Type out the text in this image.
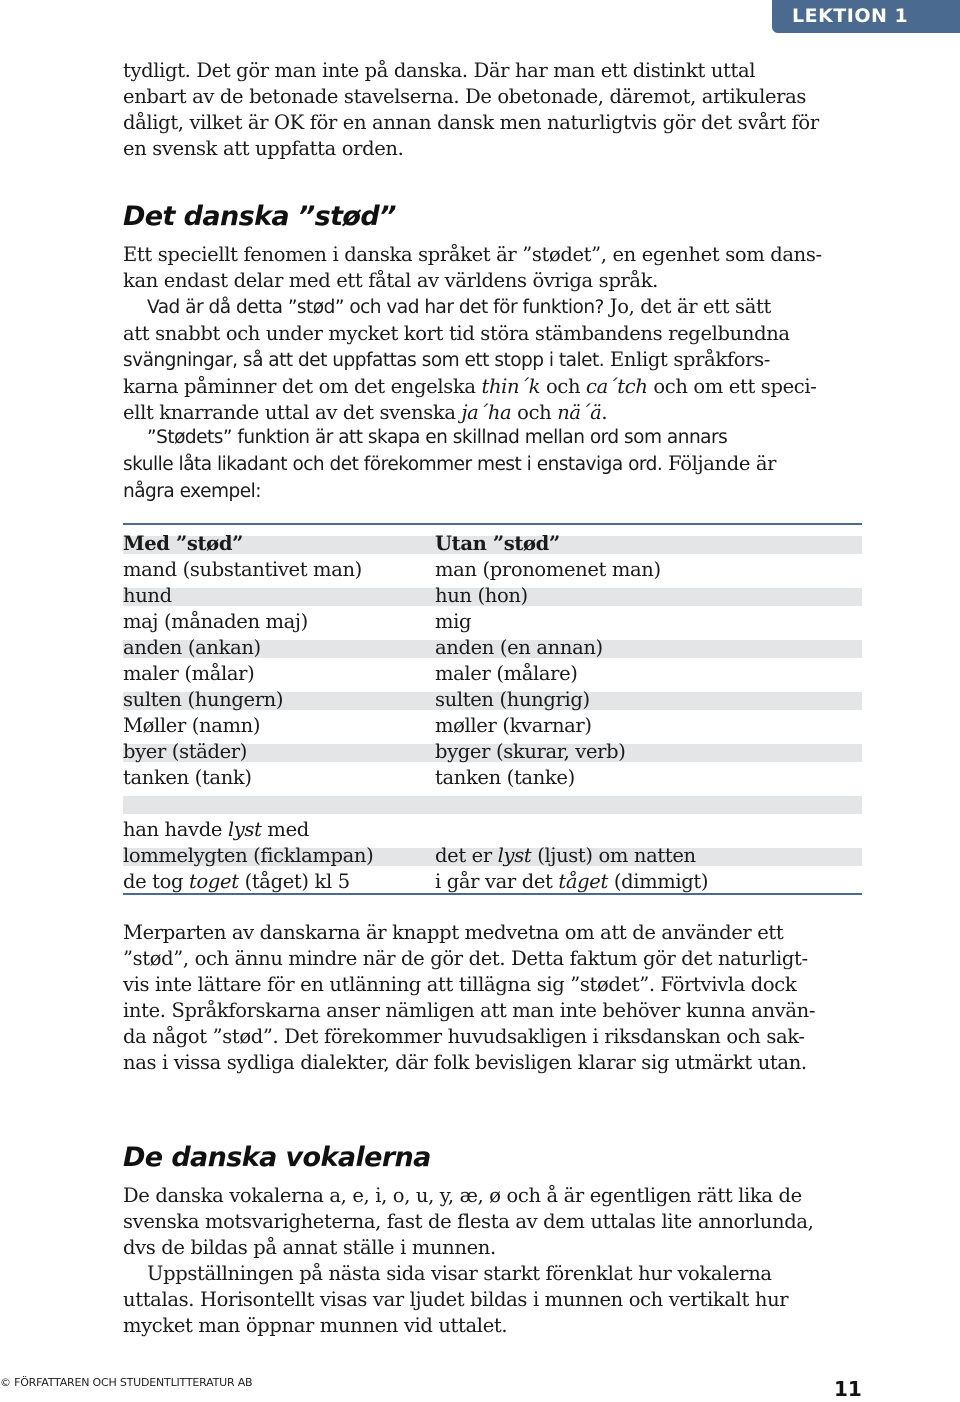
LEKTION 1
tydligt. Det gör man inte på danska. Där har man ett distinkt uttal
enbart av de betonade stavelserna. De obetonade, däremot, artikuleras
dåligt, vilket är OK för en annan dansk men naturligtvis gör det svårt för
en svensk att uppfatta orden.
Det danska ”stød”
Ett speciellt fenomen i danska språket är ”stødet”, en egenhet som dans-
kan endast delar med ett fåtal av världens övriga språk.
Vad är då detta ”stød” och vad har det för funktion? Jo, det är ett sätt
att snabbt och under mycket kort tid störa stämbandens regelbundna
svängningar, så att det uppfattas som ett stopp i talet. Enligt språkfors-
karna påminner det om det engelska thin´k och ca´tch och om ett speci-
ellt knarrande uttal av det svenska ja´ha och nä´ä.
”Stødets” funktion är att skapa en skillnad mellan ord som annars
skulle låta likadant och det förekommer mest i enstaviga ord. Följande är
några exempel:
Med ”stød”	Utan ”stød”
mand (substantivet man)	man (pronomenet man)
hund	hun (hon)
maj (månaden maj)	mig
anden (ankan)	anden (en annan)
maler (målar)	maler (målare)
sulten (hungern)	sulten (hungrig)
Møller (namn)	møller (kvarnar)
byer (städer)	byger (skurar, verb)
tanken (tank)	tanken (tanke)
han havde lyst med
lommelygten (ficklampan)	det er lyst (ljust) om natten
de tog toget (tåget) kl 5	i går var det tåget (dimmigt)
Merparten av danskarna är knappt medvetna om att de använder ett
”stød”, och ännu mindre när de gör det. Detta faktum gör det naturligt-
vis inte lättare för en utlänning att tillägna sig ”stødet”. Förtvivla dock
inte. Språkforskarna anser nämligen att man inte behöver kunna använ-
da något ”stød”. Det förekommer huvudsakligen i riksdanskan och sak-
nas i vissa sydliga dialekter, där folk bevisligen klarar sig utmärkt utan.
De danska vokalerna
De danska vokalerna a, e, i, o, u, y, æ, ø och å är egentligen rätt lika de
svenska motsvarigheterna, fast de flesta av dem uttalas lite annorlunda,
dvs de bildas på annat ställe i munnen.
Uppställningen på nästa sida visar starkt förenklat hur vokalerna
uttalas. Horisontellt visas var ljudet bildas i munnen och vertikalt hur
mycket man öppnar munnen vid uttalet.
© FÖRFATTAREN OCH STUDENTLITTERATUR AB	11
